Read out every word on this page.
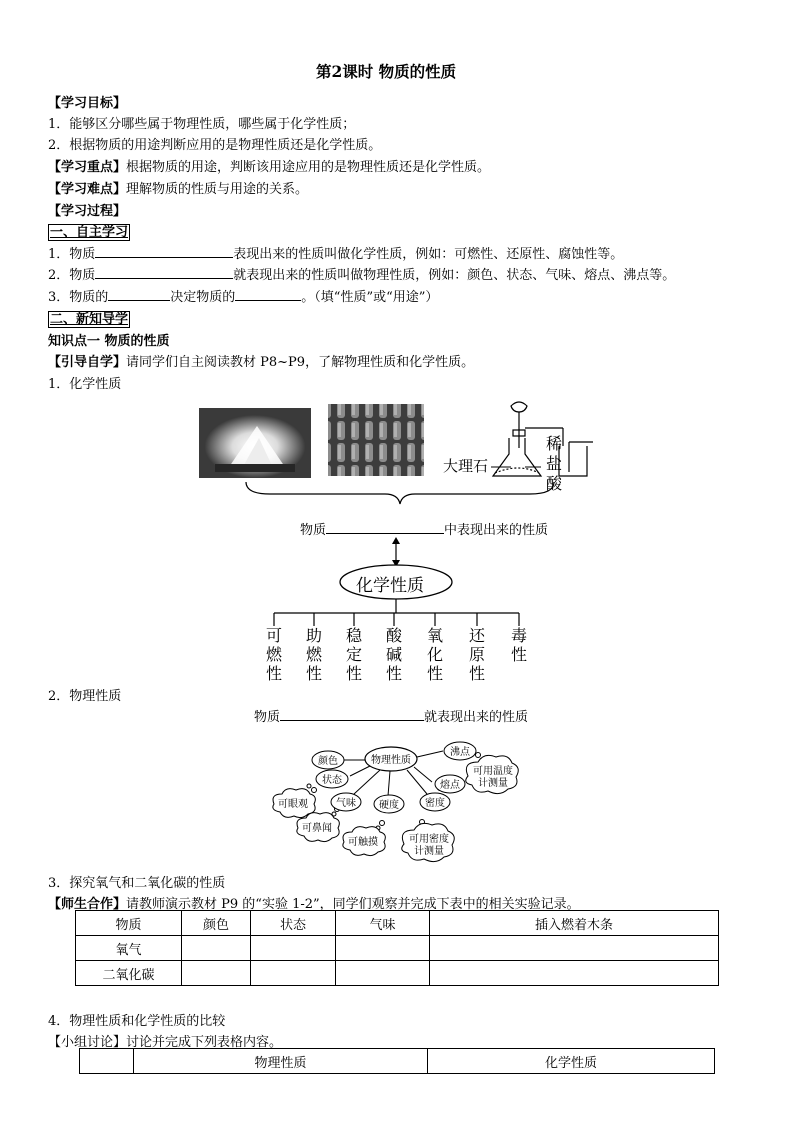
第2课时 物质的性质
【学习目标】
1．能够区分哪些属于物理性质，哪些属于化学性质；
2．根据物质的用途判断应用的是物理性质还是化学性质。
【学习重点】根据物质的用途，判断该用途应用的是物理性质还是化学性质。
【学习难点】理解物质的性质与用途的关系。
【学习过程】
一、自主学习
1．物质	表现出来的性质叫做化学性质，例如：可燃性、还原性、腐蚀性等。
2．物质	就表现出来的性质叫做物理性质，例如：颜色、状态、气味、熔点、沸点等。
3．物质的	决定物质的	。（填“性质”或“用途”）
二、新知导学
知识点一 物质的性质
【引导自学】请同学们自主阅读教材 P8~P9，了解物理性质和化学性质。
1．化学性质
大理石
稀
盐
酸
物质	中表现出来的性质
化学性质
可
燃
性
助
燃
性
稳
定
性
酸
碱
性
氧
化
性
还
原
性
毒
性
2．物理性质
物质	就表现出来的性质
物理性质
颜色
状态
气味 硬度	密度
熔点
沸点
可眼观
可鼻闻
可触摸	可用密度
计测量
可用温度
计测量
3．探究氧气和二氧化碳的性质
【师生合作】请教师演示教材 P9 的“实验 1-2”，同学们观察并完成下表中的相关实验记录。
物质	颜色	状态	气味	插入燃着木条
氧气				
二氧化碳				
4．物理性质和化学性质的比较
【小组讨论】讨论并完成下列表格内容。
	物理性质	化学性质
